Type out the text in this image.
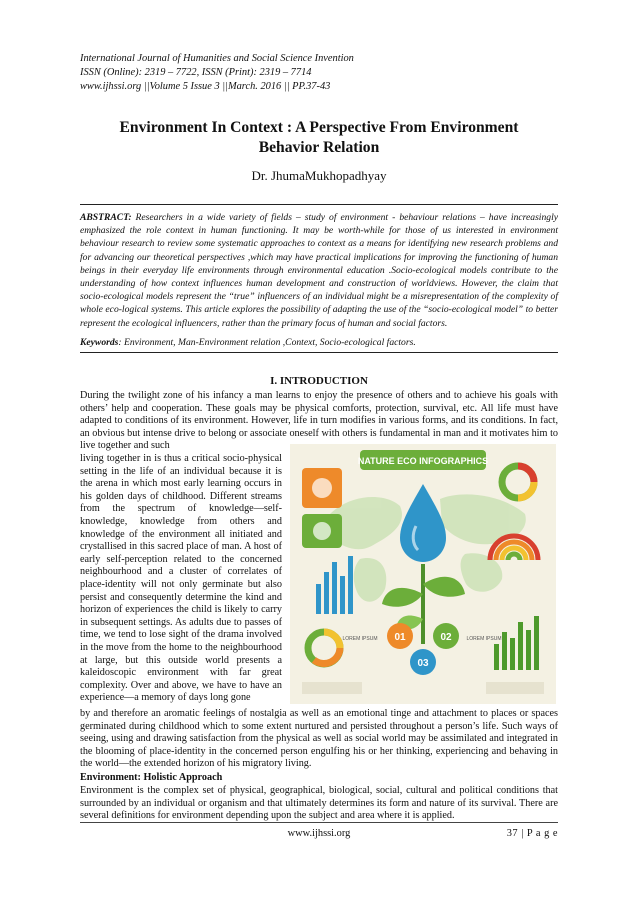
International Journal of Humanities and Social Science Invention
ISSN (Online): 2319 – 7722, ISSN (Print): 2319 – 7714
www.ijhssi.org ||Volume 5 Issue 3 ||March. 2016 || PP.37-43
Environment In Context : A Perspective From Environment
Behavior Relation
Dr. JhumaMukhopadhyay
ABSTRACT: Researchers in a wide variety of fields – study of environment - behaviour relations – have increasingly emphasized the role context in human functioning. It may be worth-while for those of us interested in environment behaviour research to review some systematic approaches to context as a means for identifying new research problems and for advancing our theoretical perspectives ,which may have practical implications for improving the functioning of human beings in their everyday life environments through environmental education .Socio-ecological models contribute to the understanding of how context influences human development and construction of worldviews. However, the claim that socio-ecological models represent the “true” influencers of an individual might be a misrepresentation of the complexity of whole eco-logical systems. This article explores the possibility of adapting the use of the “socio-ecological model” to better represent the ecological influencers, rather than the primary focus of human and social factors.
Keywords: Environment, Man-Environment relation ,Context, Socio-ecological factors.
I. INTRODUCTION
During the twilight zone of his infancy a man learns to enjoy the presence of others and to achieve his goals with others’ help and cooperation. These goals may be physical comforts, protection, survival, etc. All life must have adapted to conditions of its environment. However, life in turn modifies in various forms, and its conditions. In fact, an obvious but intense drive to belong or associate oneself with others is fundamental in man and it motivates him to live together and such
living together in is thus a critical socio-physical setting in the life of an individual because it is the arena in which most early learning occurs in his golden days of childhood. Different streams from the spectrum of knowledge—self-knowledge, knowledge from others and knowledge of the environment all initiated and crystallised in this sacred place of man. A host of early self-perception related to the concerned neighbourhood and a cluster of correlates of place-identity will not only germinate but also persist and consequently determine the kind and horizon of experiences the child is likely to carry in subsequent settings. As adults due to passes of time, we tend to lose sight of the drama involved in the move from the home to the neighbourhood at large, but this outside world presents a kaleidoscopic environment with far great complexity. Over and above, we have to have an experience—a memory of days long gone
NATURE ECO INFOGRAPHICS
01	02
03
LOREM IPSUM	LOREM IPSUM
by and therefore an aromatic feelings of nostalgia as well as an emotional tinge and attachment to places or spaces germinated during childhood which to some extent nurtured and persisted throughout a person’s life. Such ways of seeing, using and drawing satisfaction from the physical as well as social world may be assimilated and integrated in the blooming of place-identity in the concerned person engulfing his or her thinking, experiencing and behaving in the world—the extended horizon of his migratory living.
Environment: Holistic Approach
Environment is the complex set of physical, geographical, biological, social, cultural and political conditions that surrounded by an individual or organism and that ultimately determines its form and nature of its survival. There are several definitions for environment depending upon the subject and area where it is applied.
www.ijhssi.org	37 | P a g e
